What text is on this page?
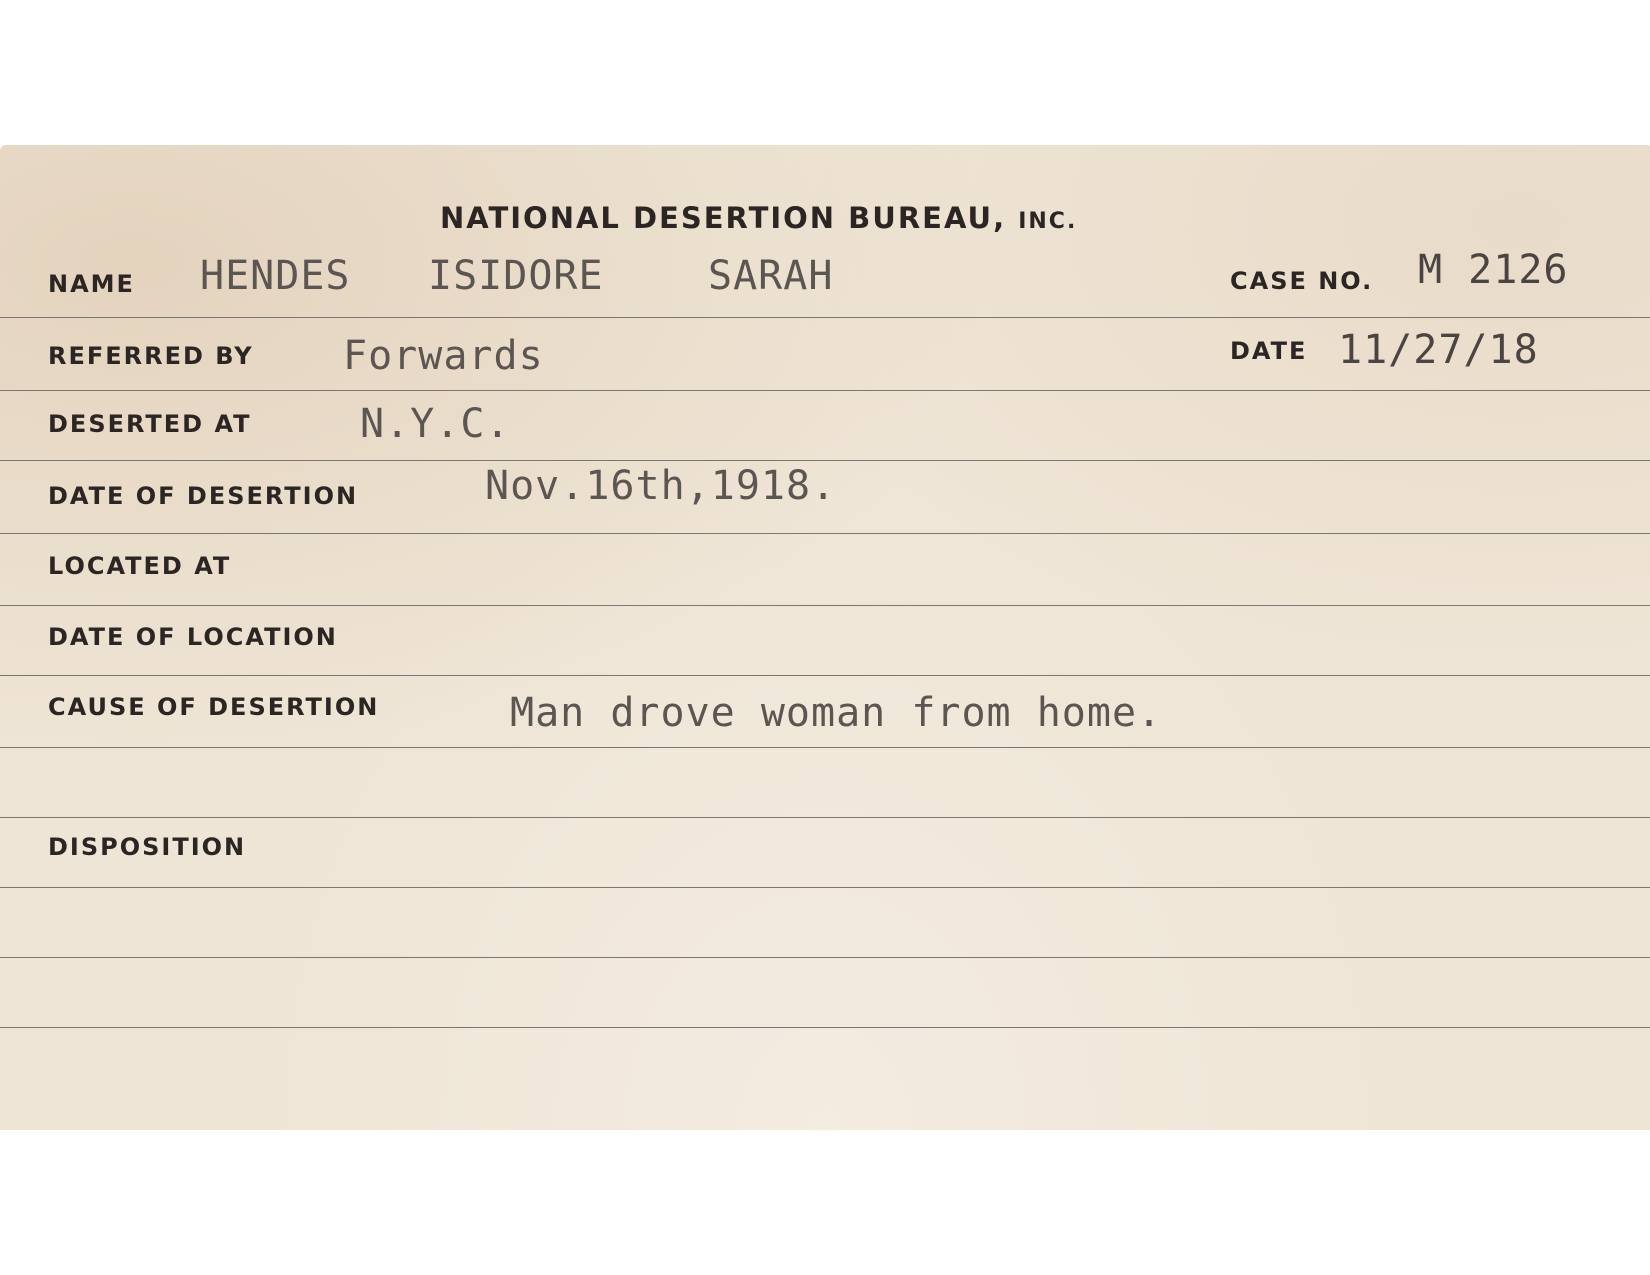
NATIONAL DESERTION BUREAU, INC.
NAME HENDES ISIDORE	SARAH	CASE NO. M 2126
REFERRED BY Forwards	DATE 11/27/18
DESERTED AT	N.Y.C.
DATE OF DESERTION	Nov.16th,1918.
LOCATED AT
DATE OF LOCATION
CAUSE OF DESERTION	Man drove woman from home.
DISPOSITION
